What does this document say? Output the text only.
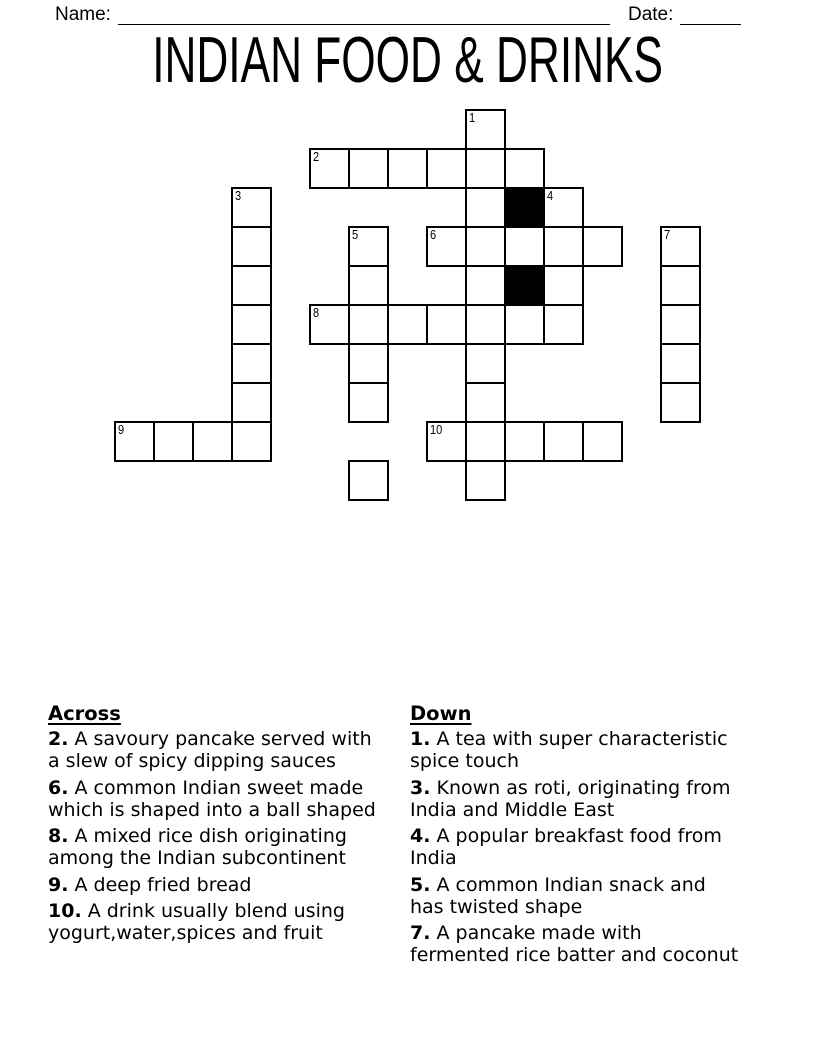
Name:	Date:
INDIAN FOOD & DRINKS
1
2
3	4
5	6	7
8
9	10

Across

2. A savoury pancake served with
a slew of spicy dipping sauces

6. A common Indian sweet made
which is shaped into a ball shaped

8. A mixed rice dish originating
among the Indian subcontinent

9. A deep fried bread

10. A drink usually blend using
yogurt,water,spices and fruit

Down

1. A tea with super characteristic
spice touch

3. Known as roti, originating from
India and Middle East

4. A popular breakfast food from
India

5. A common Indian snack and
has twisted shape

7. A pancake made with
fermented rice batter and coconut
